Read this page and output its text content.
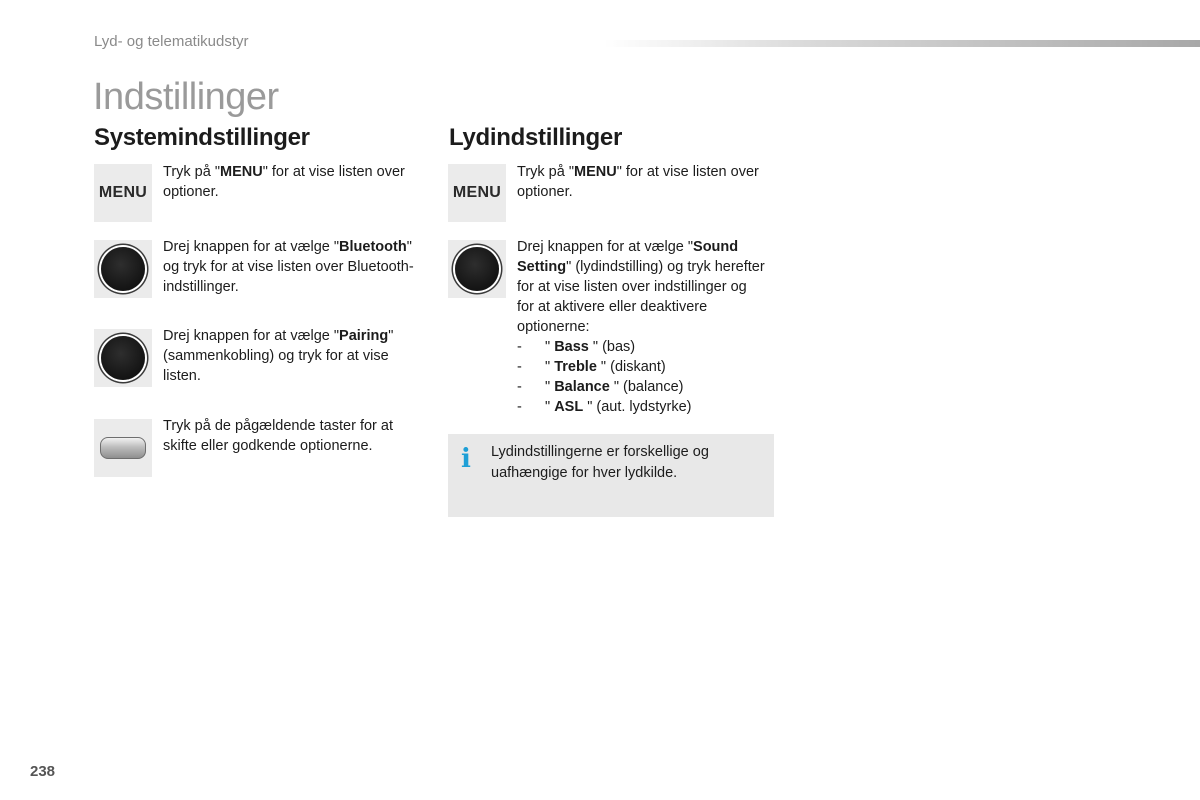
Lyd- og telematikudstyr
Indstillinger
Systemindstillinger
MENU
Tryk på "MENU" for at vise listen over optioner.
Drej knappen for at vælge "Bluetooth" og tryk for at vise listen over Bluetooth-indstillinger.
Drej knappen for at vælge "Pairing" (sammenkobling) og tryk for at vise listen.
Tryk på de pågældende taster for at skifte eller godkende optionerne.
Lydindstillinger
MENU
Tryk på "MENU" for at vise listen over optioner.
Drej knappen for at vælge "Sound Setting" (lydindstilling) og tryk herefter for at vise listen over indstillinger og for at aktivere eller deaktivere optionerne:
- " Bass " (bas)
- " Treble " (diskant)
- " Balance " (balance)
- " ASL " (aut. lydstyrke)
i Lydindstillingerne er forskellige og uafhængige for hver lydkilde.
238
